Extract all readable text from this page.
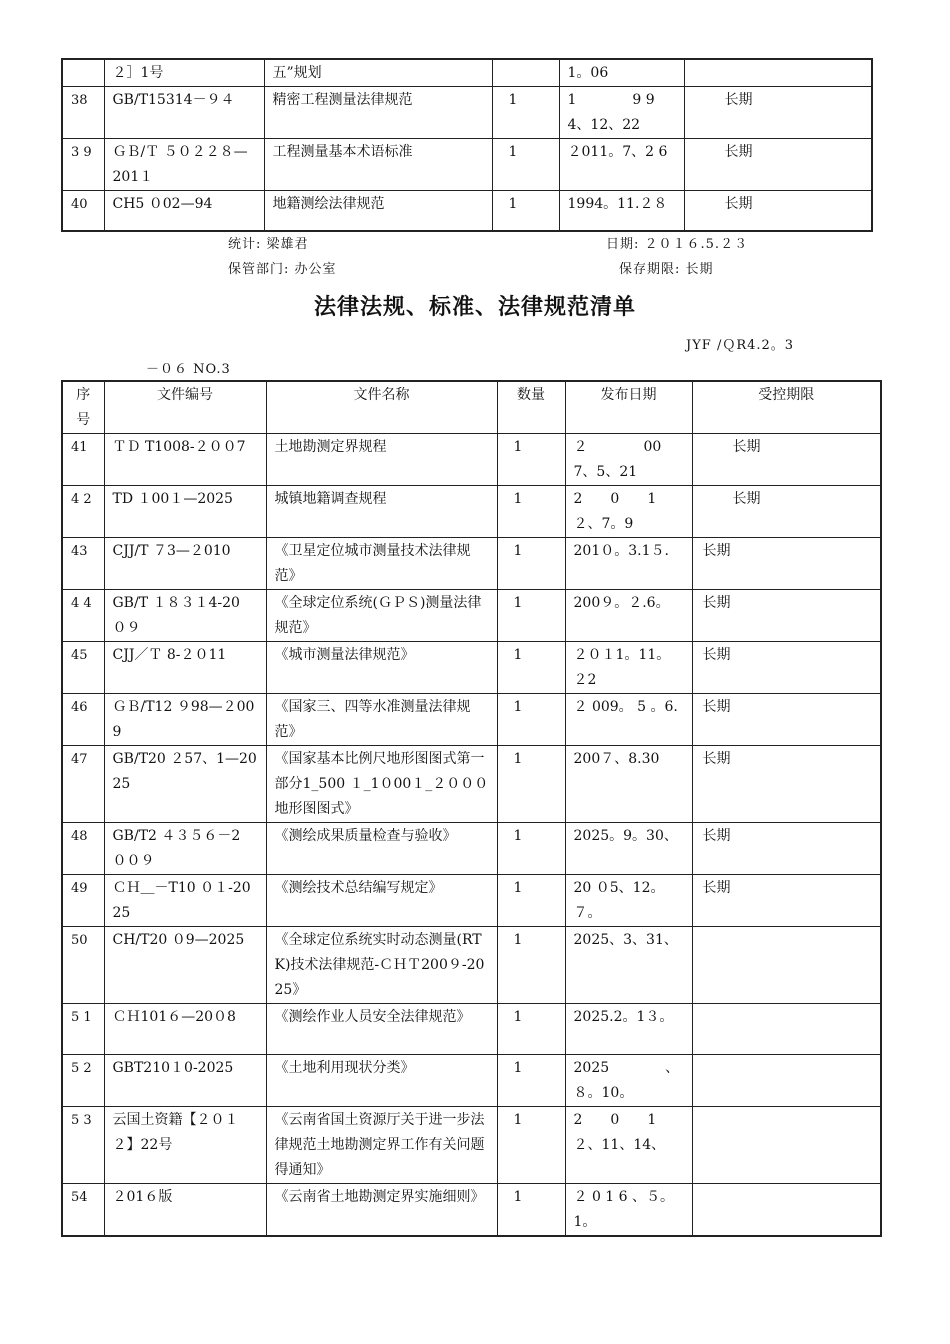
	２］1号	五”规划		1。06	
38	GB/T15314－９４	精密工程测量法律规范	1	1　　　　9 94、12、22	长期
3 9	ＧＢ/Ｔ ５０２２８—201１	工程测量基本术语标准	1	２011。7、2 6	长期
40	CH5 ０02—94	地籍测绘法律规范	1	1994。11.２８	长期
统计: 梁雄君	日期: ２０１６.5.２３
保管部门: 办公室	保存期限: 长期
法律法规、标准、法律规范清单
JYF /ＱR4.2。3
－０６ NO.3
序号	文件编号	文件名称	数量	发布日期	受控期限
41	ＴＤ T1008-２００7	土地勘测定界规程	1	２　　　　00 7、5、21	长期
4 2	TD １00１—2025	城镇地籍调查规程	1	2　　0　　1 ２、7。9	长期
43	CJJ/T ７3—２010	《卫星定位城市测量技术法律规范》	1	201０。3.1５.	长期
4 4	GB/T １８３１4-20 ０９	《全球定位系统(ＧＰＳ)测量法律规范》	1	200９。２.6。	长期
45	CJJ／Ｔ 8-２０11	《城市测量法律规范》	1	２０１1。11。２2	长期
46	ＧＢ/T12 ９98—２009	《国家三、四等水准测量法律规范》	1	２ 009。 5 。6.	长期
47	GB/T20 ２57、1—2025	《国家基本比例尺地形图图式第一部分1_500 １_1０00１_２０００地形图图式》	1	200７、8.30	长期
48	GB/T2 ４３５６－2 ００９	《测绘成果质量检查与验收》	1	2025。9。30、	长期
49	ＣＨ＿－T10 ０１-2025	《测绘技术总结编写规定》	1	20 ０5、12。７。	长期
50	CH/T20 ０9—2025	《全球定位系统实时动态测量(RTK)技术法律规范-ＣＨＴ200９-2025》	1	2025、3、31、	
5 1	ＣＨ101６—20０8	《测绘作业人员安全法律规范》	1	2025.2。1３。	
5 2	GBT210１0-2025	《土地利用现状分类》	1	2025　　　　、 ８。10。	
5 3	云国土资籍【２０１２】22号	《云南省国土资源厅关于进一步法律规范土地勘测定界工作有关问题得通知》	1	2　　0　　1 ２、11、14、	
54	２01６版	《云南省土地勘测定界实施细则》	1	２ 0 1 6 、５。1。	
